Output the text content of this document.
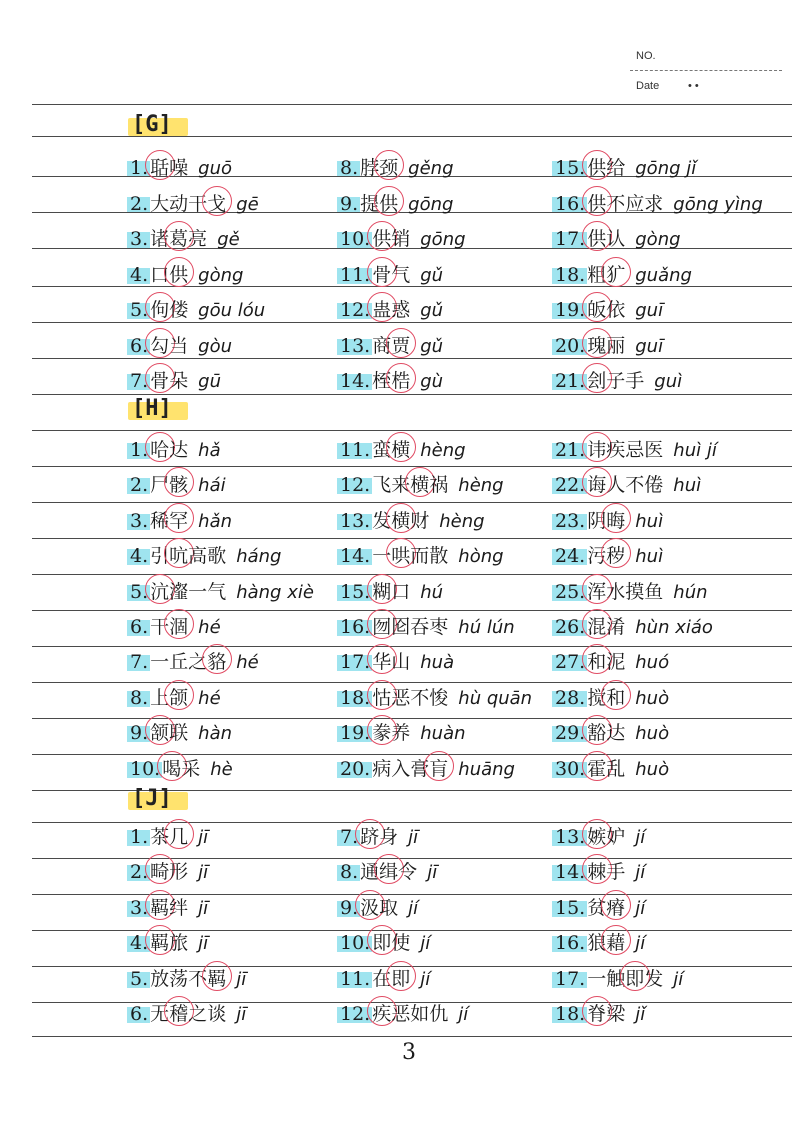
NO.
Date	• •
[G]
1. 聒噪 guō	8. 脖颈 gěng	15. 供给 gōng jǐ
2. 大动干戈 gē	9. 提供 gōng	16. 供不应求 gōng yìng
3. 诸葛亮 gě	10. 供销 gōng	17. 供认 gòng
4. 口供 gòng	11. 骨气 gǔ	18. 粗犷 guǎng
5. 佝偻 gōu lóu	12. 蛊惑 gǔ	19. 皈依 guī
6. 勾当 gòu	13. 商贾 gǔ	20. 瑰丽 guī
7. 骨朵 gū	14. 桎梏 gù	21. 刽子手 guì
[H]
1. 哈达 hǎ	11. 蛮横 hèng	21. 讳疾忌医 huì jí
2. 尸骸 hái	12. 飞来横祸 hèng	22. 诲人不倦 huì
3. 稀罕 hǎn	13. 发横财 hèng	23. 阴晦 huì
4. 引吭高歌 háng	14. 一哄而散 hòng	24. 污秽 huì
5. 沆瀣一气 hàng xiè 15. 糊口 hú	25. 浑水摸鱼 hún
6. 干涸 hé	16. 囫囵吞枣 hú lún 26. 混淆 hùn xiáo
7. 一丘之貉 hé	17. 华山 huà	27. 和泥 huó
8. 上颌 hé	18. 怙恶不悛 hù quān 28. 搅和 huò
9. 颔联 hàn	19. 豢养 huàn	29. 豁达 huò
10. 喝采 hè	20. 病入膏肓 huāng 30. 霍乱 huò
[J]
1. 茶几 jī	7. 跻身 jī	13. 嫉妒 jí
2. 畸形 jī	8. 通缉令 jī	14. 棘手 jí
3. 羁绊 jī	9. 汲取 jí	15. 贫瘠 jí
4. 羁旅 jī	10. 即使 jí	16. 狼藉 jí
5. 放荡不羁 jī	11. 在即 jí	17. 一触即发 jí
6. 无稽之谈 jī	12. 疾恶如仇 jí	18. 脊梁 jǐ
3
